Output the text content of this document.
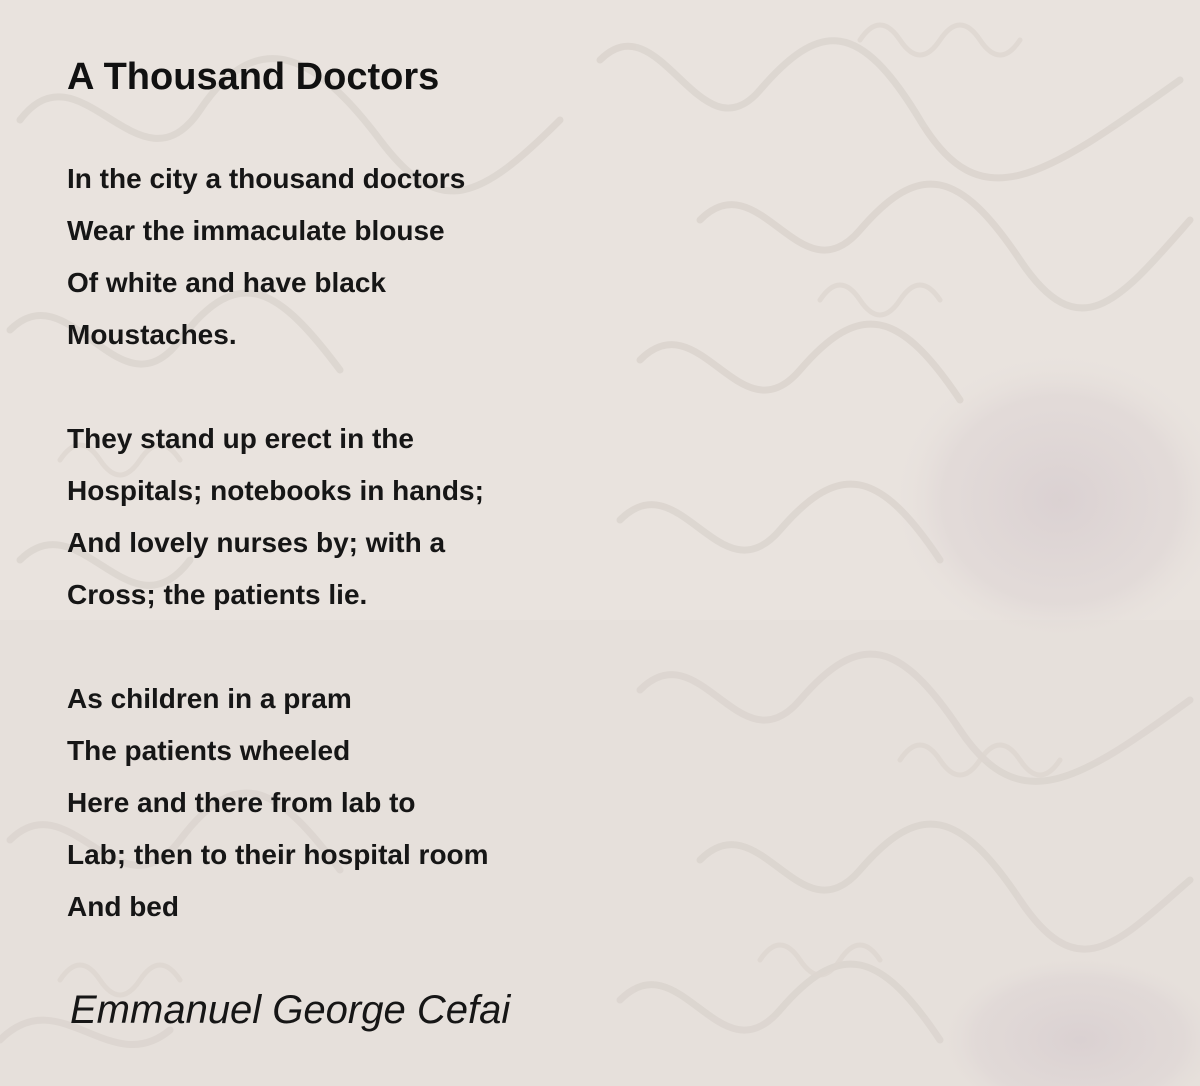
A Thousand Doctors
In the city a thousand doctors
Wear the immaculate blouse
Of white and have black
Moustaches.
They stand up erect in the
Hospitals; notebooks in hands;
And lovely nurses by; with a
Cross; the patients lie.
As children in a pram
The patients wheeled
Here and there from lab to
Lab; then to their hospital room
And bed

Emmanuel George Cefai
